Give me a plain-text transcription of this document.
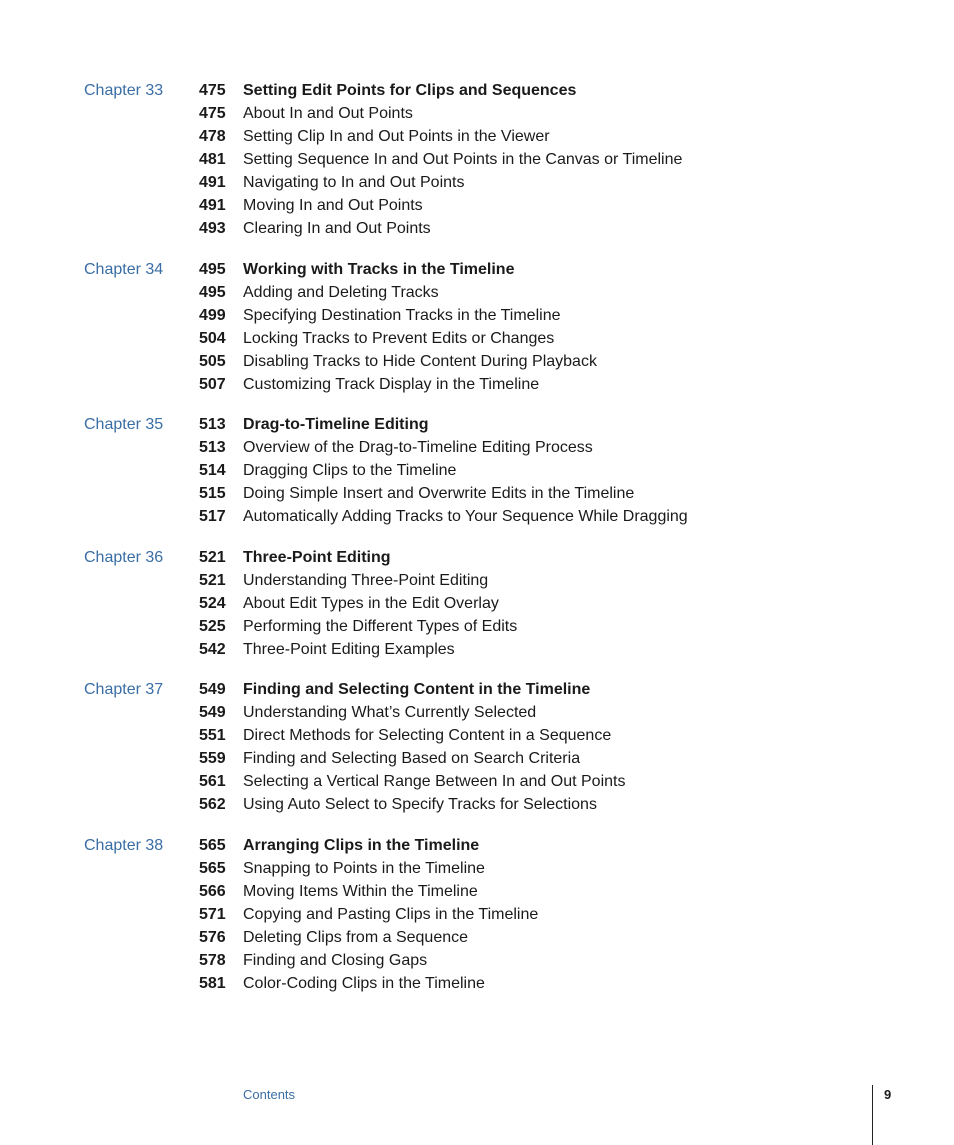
Chapter 33 475 Setting Edit Points for Clips and Sequences
475 About In and Out Points
478 Setting Clip In and Out Points in the Viewer
481 Setting Sequence In and Out Points in the Canvas or Timeline
491 Navigating to In and Out Points
491 Moving In and Out Points
493 Clearing In and Out Points
Chapter 34 495 Working with Tracks in the Timeline
495 Adding and Deleting Tracks
499 Specifying Destination Tracks in the Timeline
504 Locking Tracks to Prevent Edits or Changes
505 Disabling Tracks to Hide Content During Playback
507 Customizing Track Display in the Timeline
Chapter 35 513 Drag-to-Timeline Editing
513 Overview of the Drag-to-Timeline Editing Process
514 Dragging Clips to the Timeline
515 Doing Simple Insert and Overwrite Edits in the Timeline
517 Automatically Adding Tracks to Your Sequence While Dragging
Chapter 36 521 Three-Point Editing
521 Understanding Three-Point Editing
524 About Edit Types in the Edit Overlay
525 Performing the Different Types of Edits
542 Three-Point Editing Examples
Chapter 37 549 Finding and Selecting Content in the Timeline
549 Understanding What’s Currently Selected
551 Direct Methods for Selecting Content in a Sequence
559 Finding and Selecting Based on Search Criteria
561 Selecting a Vertical Range Between In and Out Points
562 Using Auto Select to Specify Tracks for Selections
Chapter 38 565 Arranging Clips in the Timeline
565 Snapping to Points in the Timeline
566 Moving Items Within the Timeline
571 Copying and Pasting Clips in the Timeline
576 Deleting Clips from a Sequence
578 Finding and Closing Gaps
581 Color-Coding Clips in the Timeline
Contents	9
